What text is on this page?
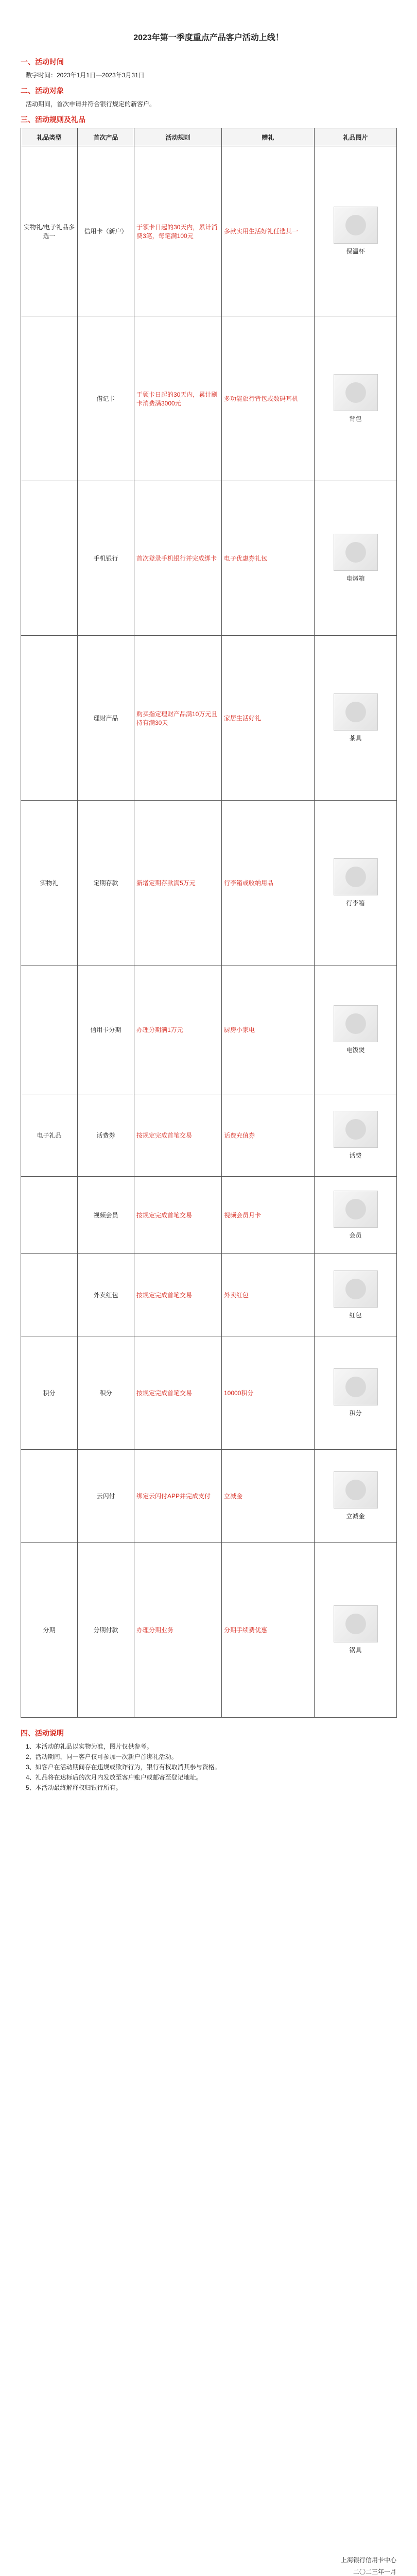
2023年第一季度重点产品客户活动上线！
一、活动时间
数字时间：2023年1月1日—2023年3月31日
二、活动对象
活动期间，首次申请并符合银行规定的新客户。
三、活动规则及礼品
礼品类型	首次产品	活动规则	赠礼	礼品图片
实物礼/电子礼品多选一	信用卡（新户）	于领卡日起的30天内，累计消费3笔，每笔满100元	多款实用生活好礼任选其一	保温杯

	借记卡	于领卡日起的30天内，累计刷卡消费满3000元	多功能旅行背包或数码耳机	背包

	手机银行	首次登录手机银行并完成绑卡	电子优惠券礼包	电烤箱

	理财产品	购买指定理财产品满10万元且持有满30天	家居生活好礼	茶具

实物礼	定期存款	新增定期存款满5万元	行李箱或收纳用品	行李箱

	信用卡分期	办理分期满1万元	厨房小家电	电饭煲

电子礼品	话费券	按规定完成首笔交易	话费充值券	话费

	视频会员	按规定完成首笔交易	视频会员月卡	会员

	外卖红包	按规定完成首笔交易	外卖红包	红包

积分	积分	按规定完成首笔交易	10000积分	积分

	云闪付	绑定云闪付APP并完成支付	立减金	立减金

分期	分期付款	办理分期业务	分期手续费优惠	锅具
四、活动说明
1、本活动的礼品以实物为准，图片仅供参考。
2、活动期间，同一客户仅可参加一次新户首绑礼活动。
3、如客户在活动期间存在违规或欺诈行为，银行有权取消其参与资格。
4、礼品将在达标后的次月内发放至客户账户或邮寄至登记地址。
5、本活动最终解释权归银行所有。
上海银行信用卡中心
二〇二三年一月
